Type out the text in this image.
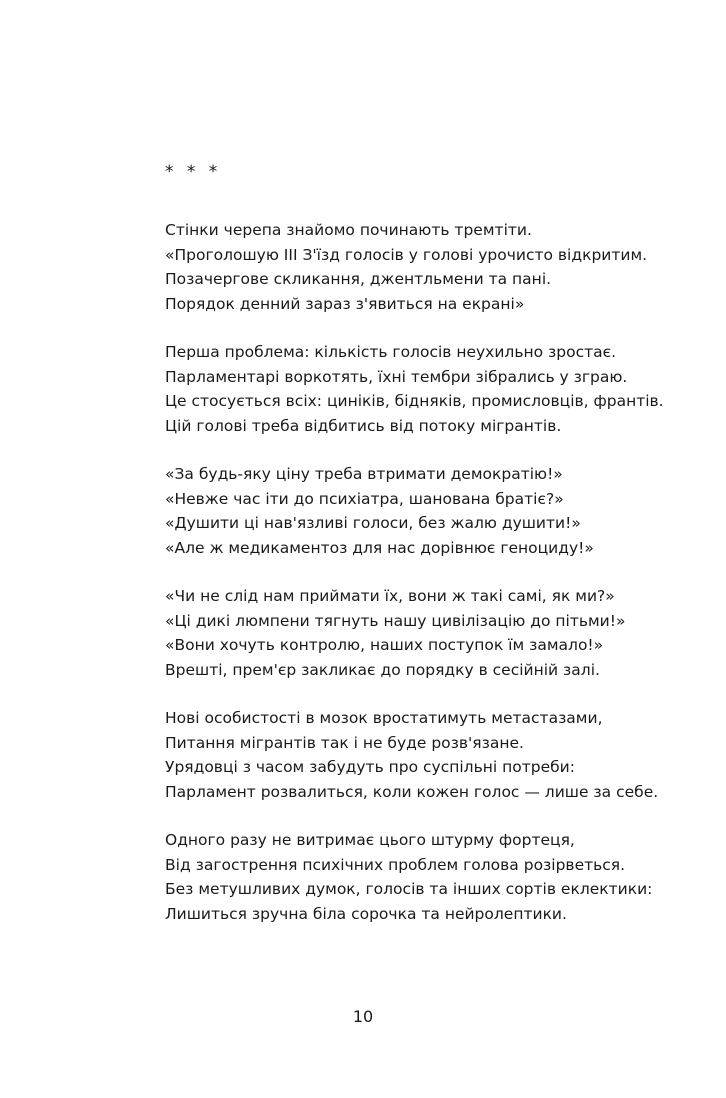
* * *
Стінки черепа знайомо починають тремтіти.
«Проголошую III З'їзд голосів у голові урочисто відкритим.
Позачергове скликання, джентльмени та пані.
Порядок денний зараз з'явиться на екрані»
Перша проблема: кількість голосів неухильно зростає.
Парламентарі воркотять, їхні тембри зібрались у зграю.
Це стосується всіх: циніків, бідняків, промисловців, франтів.
Цій голові треба відбитись від потоку мігрантів.
«За будь-яку ціну треба втримати демократію!»
«Невже час іти до психіатра, шанована братіє?»
«Душити ці нав'язливі голоси, без жалю душити!»
«Але ж медикаментоз для нас дорівнює геноциду!»
«Чи не слід нам приймати їх, вони ж такі самі, як ми?»
«Ці дикі люмпени тягнуть нашу цивілізацію до пітьми!»
«Вони хочуть контролю, наших поступок їм замало!»
Врешті, прем'єр закликає до порядку в сесійній залі.
Нові особистості в мозок вростатимуть метастазами,
Питання мігрантів так і не буде розв'язане.
Урядовці з часом забудуть про суспільні потреби:
Парламент розвалиться, коли кожен голос — лише за себе.
Одного разу не витримає цього штурму фортеця,
Від загострення психічних проблем голова розірветься.
Без метушливих думок, голосів та інших сортів еклектики:
Лишиться зручна біла сорочка та нейролептики.
10
